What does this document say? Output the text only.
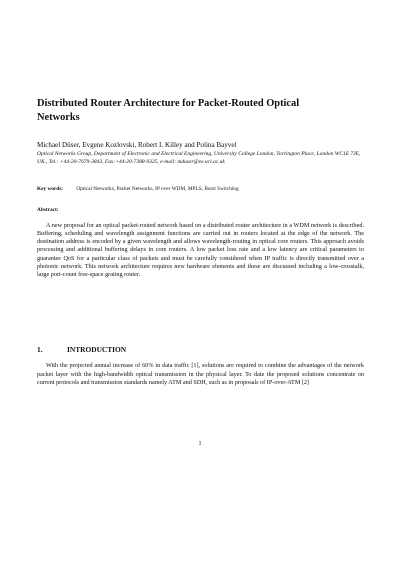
Distributed Router Architecture for Packet-Routed Optical Networks

Michael Düser, Evgene Kozlovski, Robert I. Killey and Polina Bayvel

Optical Networks Group, Department of Electronic and Electrical Engineering, University College London, Torrington Place, London WC1E 7JE, UK., Tel.: +44-20-7679-3843, Fax:+44-20-7388-9325, e-mail: mduser@ee.ucl.ac.uk

Key words:	Optical Networks, Packet Networks, IP over WDM, MPLS, Burst Switching

Abstract:

A new proposal for an optical packet-routed network based on a distributed router architecture in a WDM network is described. Buffering, scheduling and wavelength assignment functions are carried out in routers located at the edge of the network. The destination address is encoded by a given wavelength and allows wavelength-routing in optical core routers. This approach avoids processing and additional buffering delays in core routers. A low packet loss rate and a low latency are critical parameters to guarantee QoS for a particular class of packets and must be carefully considered when IP traffic is directly transmitted over a photonic network. This network architecture requires new hardware elements and these are discussed including a low-crosstalk, large port-count free-space grating router.

1.	INTRODUCTION

With the projected annual increase of 60% in data traffic [1], solutions are required to combine the advantages of the network packet layer with the high-bandwidth optical transmission in the physical layer. To date the proposed solutions concentrate on current protocols and transmission standards namely ATM and SDH, such as in proposals of IP-over-ATM [2]

1
